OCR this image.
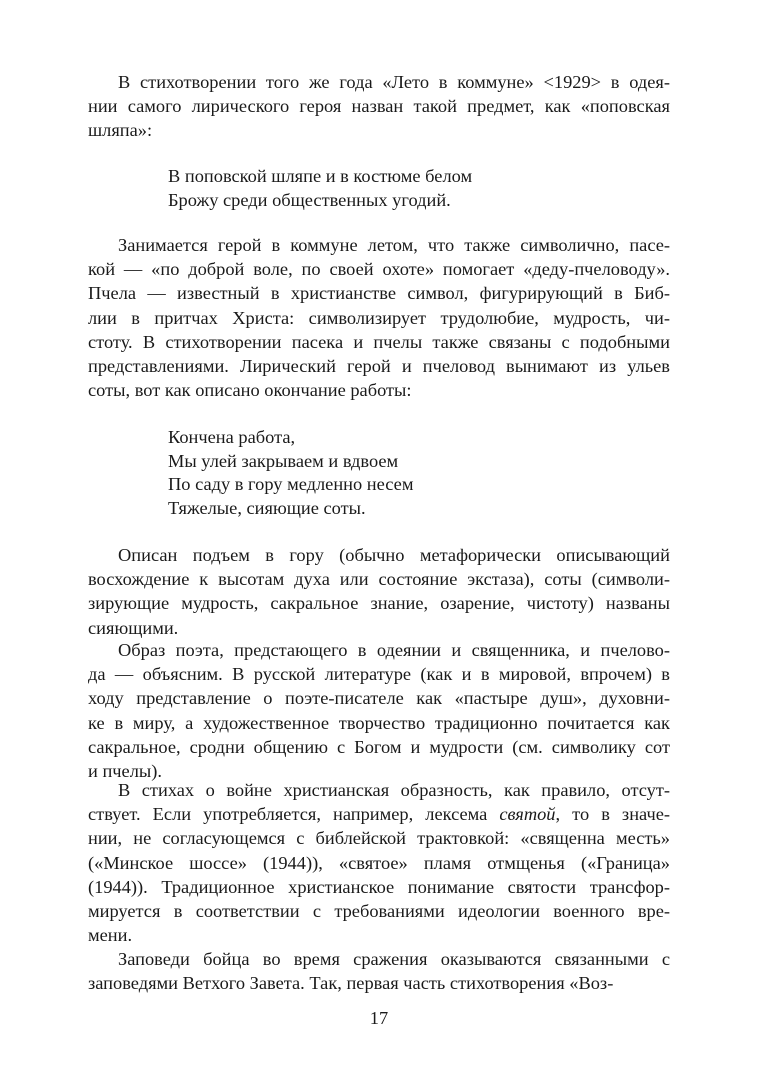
В стихотворении того же года «Лето в коммуне» <1929> в одея-
нии самого лирического героя назван такой предмет, как «поповская
шляпа»:
В поповской шляпе и в костюме белом
Брожу среди общественных угодий.
Занимается герой в коммуне летом, что также символично, пасе-
кой — «по доброй воле, по своей охоте» помогает «деду-пчеловоду».
Пчела — известный в христианстве символ, фигурирующий в Биб-
лии в притчах Христа: символизирует трудолюбие, мудрость, чи-
стоту. В стихотворении пасека и пчелы также связаны с подобными
представлениями. Лирический герой и пчеловод вынимают из ульев
соты, вот как описано окончание работы:
Кончена работа,
Мы улей закрываем и вдвоем
По саду в гору медленно несем
Тяжелые, сияющие соты.
Описан подъем в гору (обычно метафорически описывающий
восхождение к высотам духа или состояние экстаза), соты (символи-
зирующие мудрость, сакральное знание, озарение, чистоту) названы
сияющими.
Образ поэта, предстающего в одеянии и священника, и пчелово-
да — объясним. В русской литературе (как и в мировой, впрочем) в
ходу представление о поэте-писателе как «пастыре душ», духовни-
ке в миру, а художественное творчество традиционно почитается как
сакральное, сродни общению с Богом и мудрости (см. символику сот
и пчелы).
В стихах о войне христианская образность, как правило, отсут-
ствует. Если употребляется, например, лексема святой, то в значе-
нии, не согласующемся с библейской трактовкой: «священна месть»
(«Минское шоссе» (1944)), «святое» пламя отмщенья («Граница»
(1944)). Традиционное христианское понимание святости трансфор-
мируется в соответствии с требованиями идеологии военного вре-
мени.
Заповеди бойца во время сражения оказываются связанными с
заповедями Ветхого Завета. Так, первая часть стихотворения «Воз-
17
